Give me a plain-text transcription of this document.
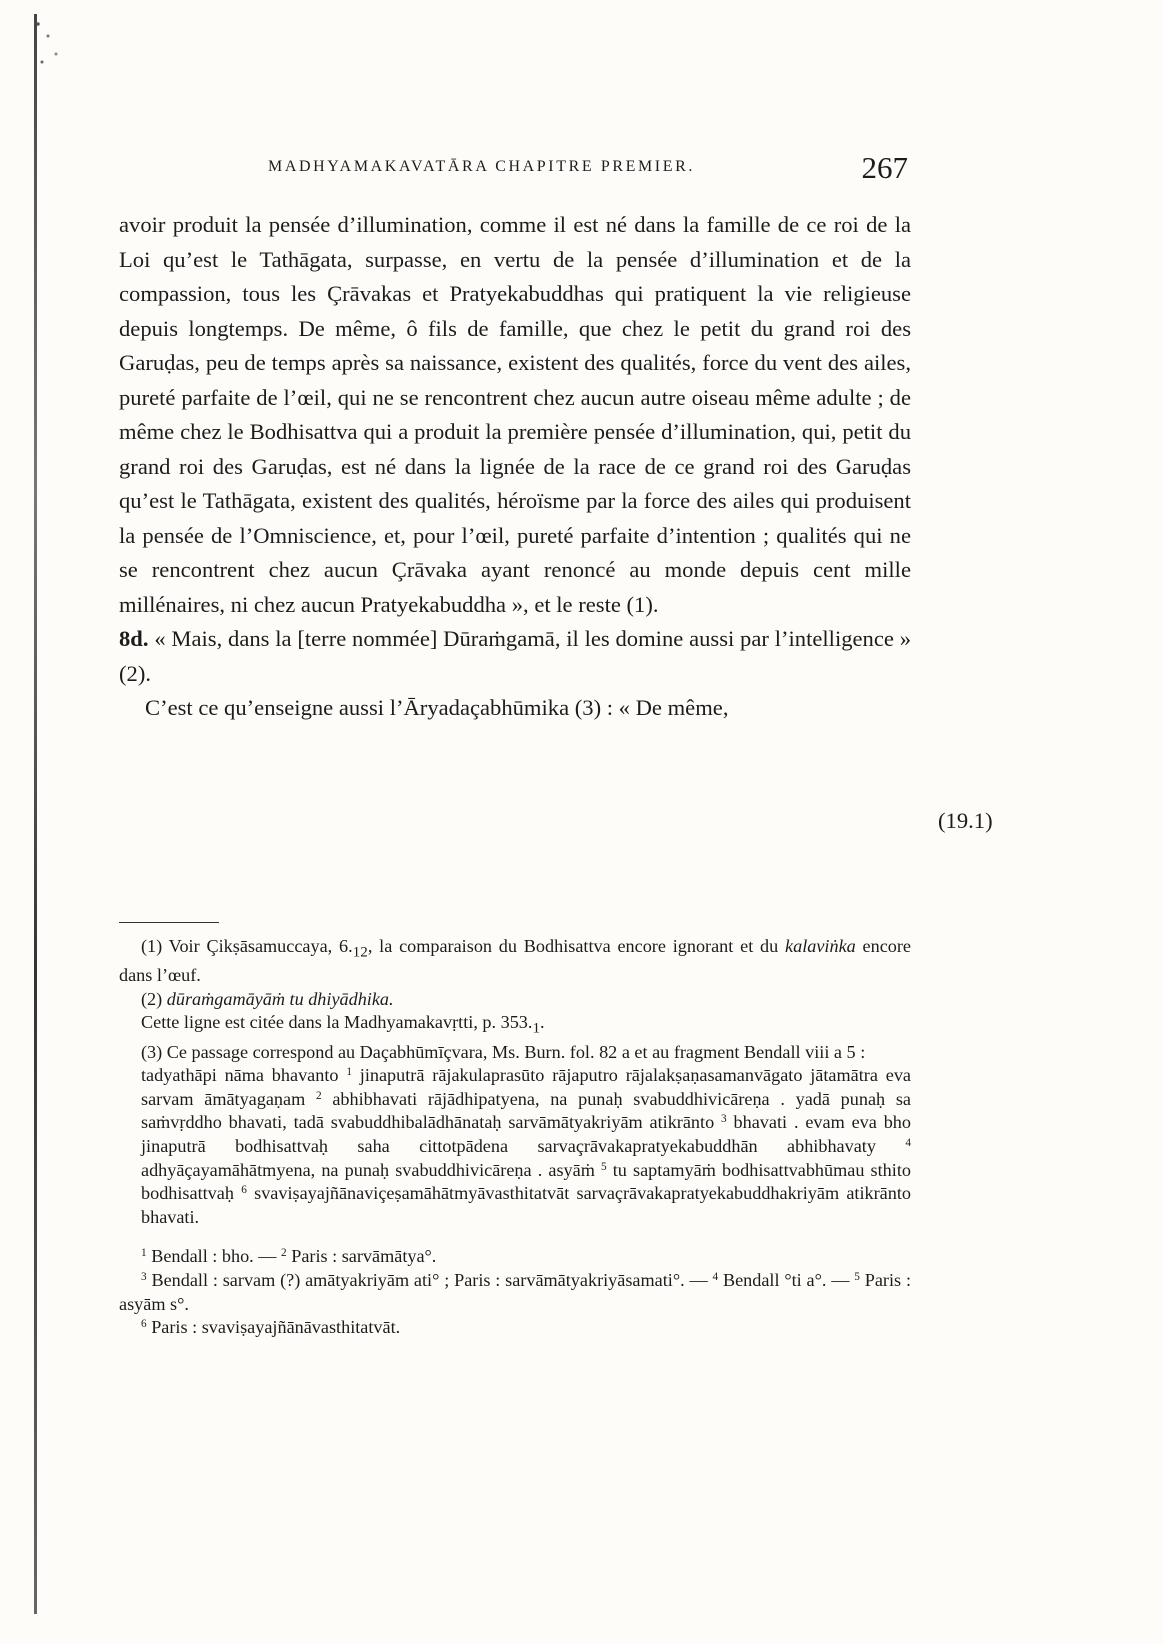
MADHYAMAKAVATĀRA CHAPITRE PREMIER.	267

avoir produit la pensée d’illumination, comme il est né dans la famille de ce roi de la Loi qu’est le Tathāgata, surpasse, en vertu de la pensée d’illumination et de la compassion, tous les Çrāvakas et Pratyekabuddhas qui pratiquent la vie religieuse depuis longtemps. De même, ô fils de famille, que chez le petit du grand roi des Garuḍas, peu de temps après sa naissance, existent des qualités, force du vent des ailes, pureté parfaite de l’œil, qui ne se rencontrent chez aucun autre oiseau même adulte ; de même chez le Bodhisattva qui a produit la première pensée d’illumination, qui, petit du grand roi des Garuḍas, est né dans la lignée de la race de ce grand roi des Garuḍas qu’est le Tathāgata, existent des qualités, héroïsme par la force des ailes qui produisent la pensée de l’Omniscience, et, pour l’œil, pureté parfaite d’intention ; qualités qui ne se rencontrent chez aucun Çrāvaka ayant renoncé au monde depuis cent mille millénaires, ni chez aucun Pratyekabuddha », et le reste (1).

8d. « Mais, dans la [terre nommée] Dūraṁgamā, il les domine aussi par l’intelligence » (2).

C’est ce qu’enseigne aussi l’Āryadaçabhūmika (3) : « De même,

(19.1)

(1) Voir Çikṣāsamuccaya, $6._{12}$, la comparaison du Bodhisattva encore ignorant et du kalaviṅka encore dans l’œuf.

(2) dūraṁgamāyāṁ tu dhiyādhika.

Cette ligne est citée dans la Madhyamakavṛtti, p. $353._1$.

(3) Ce passage correspond au Daçabhūmīçvara, Ms. Burn. fol. 82 a et au fragment Bendall viii a 5 :

tadyathāpi nāma bhavanto $^1$ jinaputrā rājakulaprasūto rājaputro rājalakṣaṇasamanvāgato jātamātra eva sarvam āmātyagaṇam $^2$ abhibhavati rājādhipatyena, na punaḥ svabuddhivicāreṇa . yadā punaḥ sa saṁvṛddho bhavati, tadā svabuddhibalādhānataḥ sarvāmātyakriyām atikrānto $^3$ bhavati . evam eva bho jinaputrā bodhisattvaḥ saha cittotpādena sarvaçrāvakapratyekabuddhān abhibhavaty $^4$ adhyāçayamāhātmyena, na punaḥ svabuddhivicāreṇa . asyāṁ $^5$ tu saptamyāṁ bodhisattvabhūmau sthito bodhisattvaḥ $^6$ svaviṣayajñānaviçeṣamāhātmyāvasthitatvāt sarvaçrāvakapratyekabuddhakriyām atikrānto bhavati.

$^1$ Bendall : bho. — $^2$ Paris : sarvāmātya°.

$^3$ Bendall : sarvam (?) amātyakriyām ati° ; Paris : sarvāmātyakriyāsamati°. — $^4$ Bendall °ti a°. — $^5$ Paris : asyām s°.

$^6$ Paris : svaviṣayajñānāvasthitatvāt.
